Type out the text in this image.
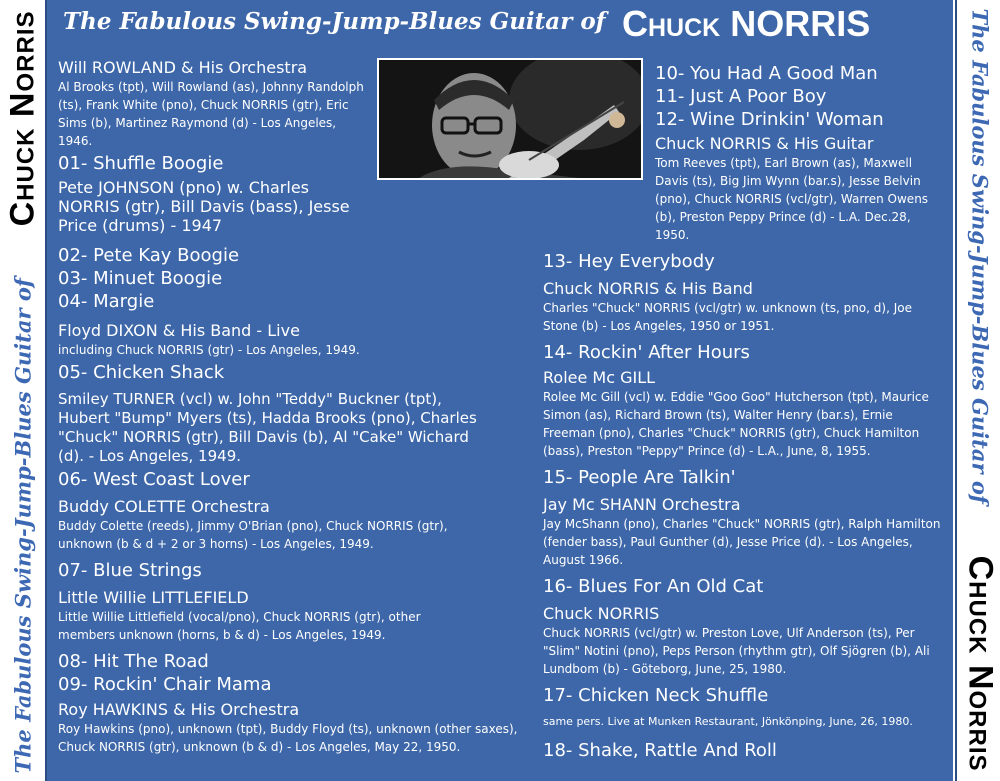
The Fabulous Swing-Jump-Blues Guitar of
Chuck Norris The Fabulous Swing-Jump-Blues Guitar of Chuck NORRIS

Will ROWLAND & His Orchestra

Al Brooks (tpt), Will Rowland (as), Johnny Randolph (ts), Frank White (pno), Chuck NORRIS (gtr), Eric Sims (b), Martinez Raymond (d) - Los Angeles, 1946.

01- Shuffle Boogie

Pete JOHNSON (pno) w. Charles NORRIS (gtr), Bill Davis (bass), Jesse Price (drums) - 1947

02- Pete Kay Boogie

03- Minuet Boogie

04- Margie

Floyd DIXON & His Band - Live

including Chuck NORRIS (gtr) - Los Angeles, 1949.

05- Chicken Shack

Smiley TURNER (vcl) w. John "Teddy" Buckner (tpt), Hubert "Bump" Myers (ts), Hadda Brooks (pno), Charles "Chuck" NORRIS (gtr), Bill Davis (b), Al "Cake" Wichard (d). - Los Angeles, 1949.

06- West Coast Lover

Buddy COLETTE Orchestra

Buddy Colette (reeds), Jimmy O'Brian (pno), Chuck NORRIS (gtr), unknown (b & d + 2 or 3 horns) - Los Angeles, 1949.

07- Blue Strings

Little Willie LITTLEFIELD

Little Willie Littlefield (vocal/pno), Chuck NORRIS (gtr), other members unknown (horns, b & d) - Los Angeles, 1949.

08- Hit The Road

09- Rockin' Chair Mama

Roy HAWKINS & His Orchestra

Roy Hawkins (pno), unknown (tpt), Buddy Floyd (ts), unknown (other saxes), Chuck NORRIS (gtr), unknown (b & d) - Los Angeles, May 22, 1950.

10- You Had A Good Man

11- Just A Poor Boy

12- Wine Drinkin' Woman

Chuck NORRIS & His Guitar

Tom Reeves (tpt), Earl Brown (as), Maxwell Davis (ts), Big Jim Wynn (bar.s), Jesse Belvin (pno), Chuck NORRIS (vcl/gtr), Warren Owens (b), Preston Peppy Prince (d) - L.A. Dec.28, 1950.

13- Hey Everybody

Chuck NORRIS & His Band

Charles "Chuck" NORRIS (vcl/gtr) w. unknown (ts, pno, d), Joe Stone (b) - Los Angeles, 1950 or 1951.

14- Rockin' After Hours

Rolee Mc GILL

Rolee Mc Gill (vcl) w. Eddie "Goo Goo" Hutcherson (tpt), Maurice Simon (as), Richard Brown (ts), Walter Henry (bar.s), Ernie Freeman (pno), Charles "Chuck" NORRIS (gtr), Chuck Hamilton (bass), Preston "Peppy" Prince (d) - L.A., June, 8, 1955.

15- People Are Talkin'

Jay Mc SHANN Orchestra

Jay McShann (pno), Charles "Chuck" NORRIS (gtr), Ralph Hamilton (fender bass), Paul Gunther (d), Jesse Price (d). - Los Angeles, August 1966.

16- Blues For An Old Cat

Chuck NORRIS

Chuck NORRIS (vcl/gtr) w. Preston Love, Ulf Anderson (ts), Per "Slim" Notini (pno), Peps Person (rhythm gtr), Olf Sjögren (b), Ali Lundbom (b) - Göteborg, June, 25, 1980.

17- Chicken Neck Shuffle

same pers. Live at Munken Restaurant, Jönkönping, June, 26, 1980.

18- Shake, Rattle And Roll

The Fabulous Swing-Jump-Blues Guitar of
Chuck Norris
